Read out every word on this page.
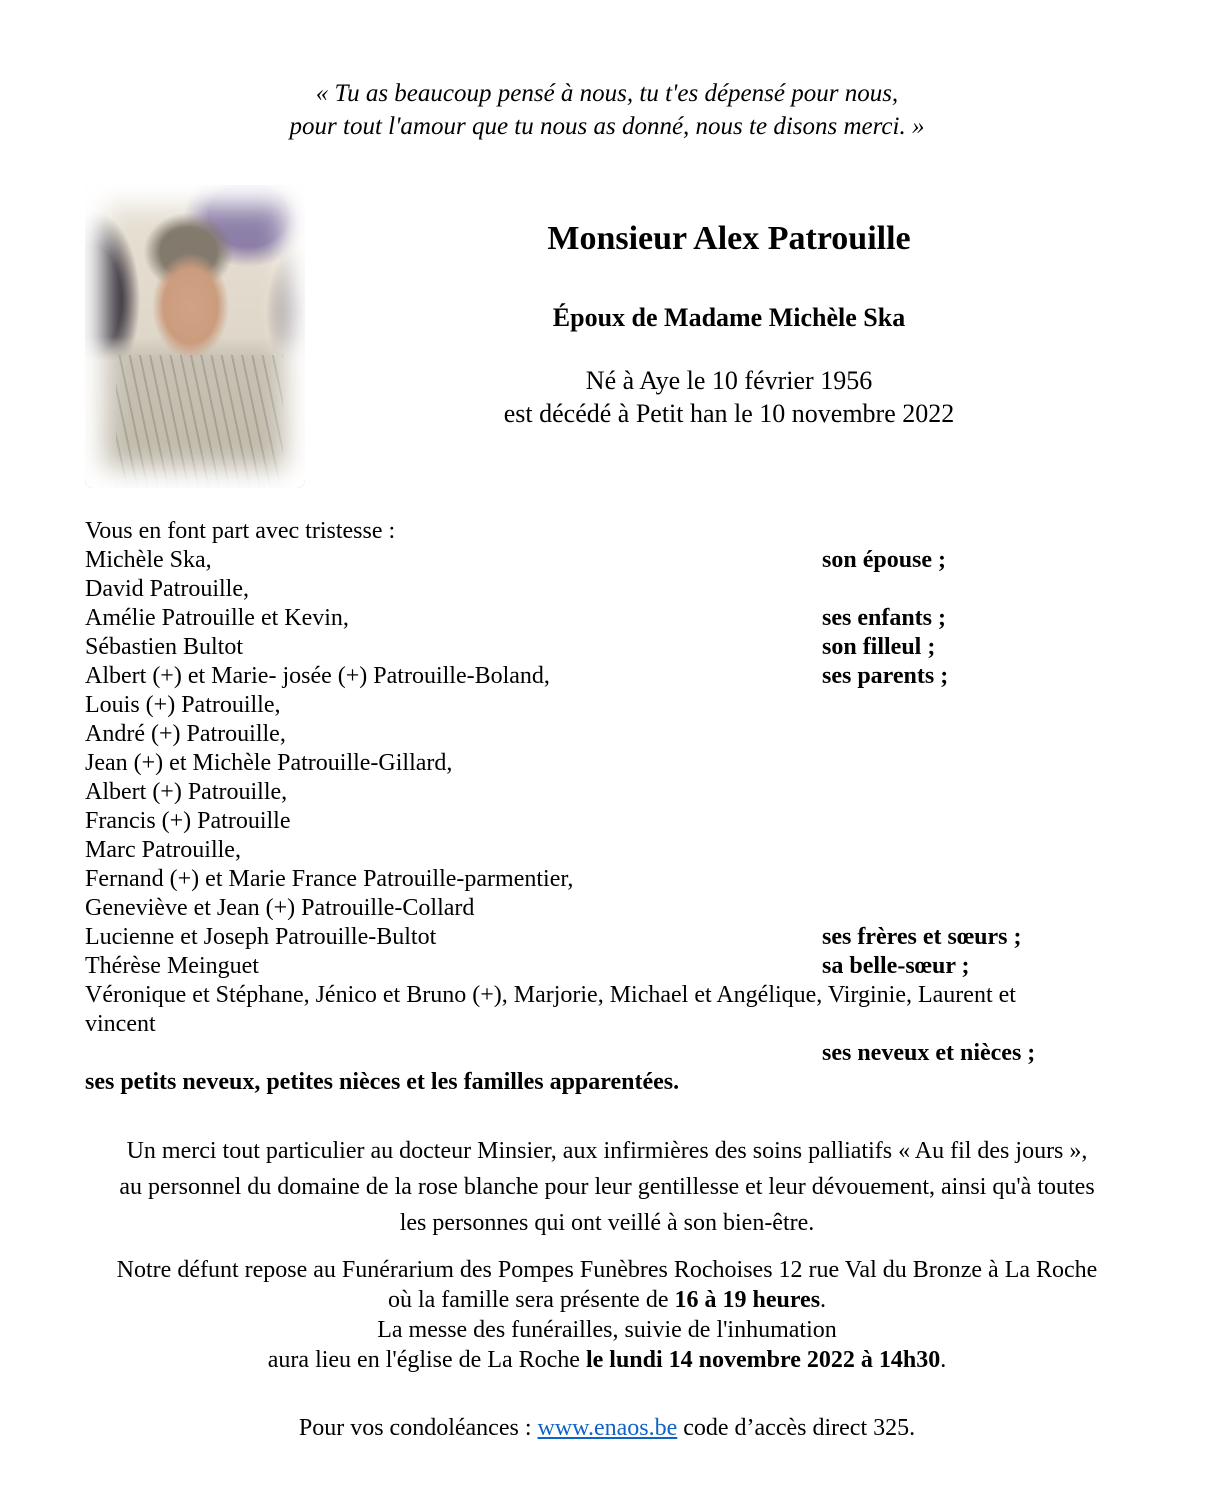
« Tu as beaucoup pensé à nous, tu t'es dépensé pour nous,
pour tout l'amour que tu nous as donné, nous te disons merci. »
Monsieur Alex Patrouille
Époux de Madame Michèle Ska
Né à Aye le 10 février 1956
est décédé à Petit han le 10 novembre 2022
Vous en font part avec tristesse :
Michèle Ska,	son épouse ;
David Patrouille,
Amélie Patrouille et Kevin,	ses enfants ;
Sébastien Bultot	son filleul ;
Albert (+) et Marie- josée (+) Patrouille-Boland,	ses parents ;
Louis (+) Patrouille,
André (+) Patrouille,
Jean (+) et Michèle Patrouille-Gillard,
Albert (+) Patrouille,
Francis (+) Patrouille
Marc Patrouille,
Fernand (+) et Marie France Patrouille-parmentier,
Geneviève et Jean (+) Patrouille-Collard
Lucienne et Joseph Patrouille-Bultot	ses frères et sœurs ;
Thérèse Meinguet	sa belle-sœur ;
Véronique et Stéphane, Jénico et Bruno (+), Marjorie, Michael et Angélique, Virginie, Laurent et
vincent
ses neveux et nièces ;
ses petits neveux, petites nièces et les familles apparentées.
Un merci tout particulier au docteur Minsier, aux infirmières des soins palliatifs « Au fil des jours »,
au personnel du domaine de la rose blanche pour leur gentillesse et leur dévouement, ainsi qu'à toutes
les personnes qui ont veillé à son bien-être.
Notre défunt repose au Funérarium des Pompes Funèbres Rochoises 12 rue Val du Bronze à La Roche
où la famille sera présente de 16 à 19 heures.
La messe des funérailles, suivie de l'inhumation
aura lieu en l'église de La Roche le lundi 14 novembre 2022 à 14h30.
Pour vos condoléances : www.enaos.be code d’accès direct 325.
